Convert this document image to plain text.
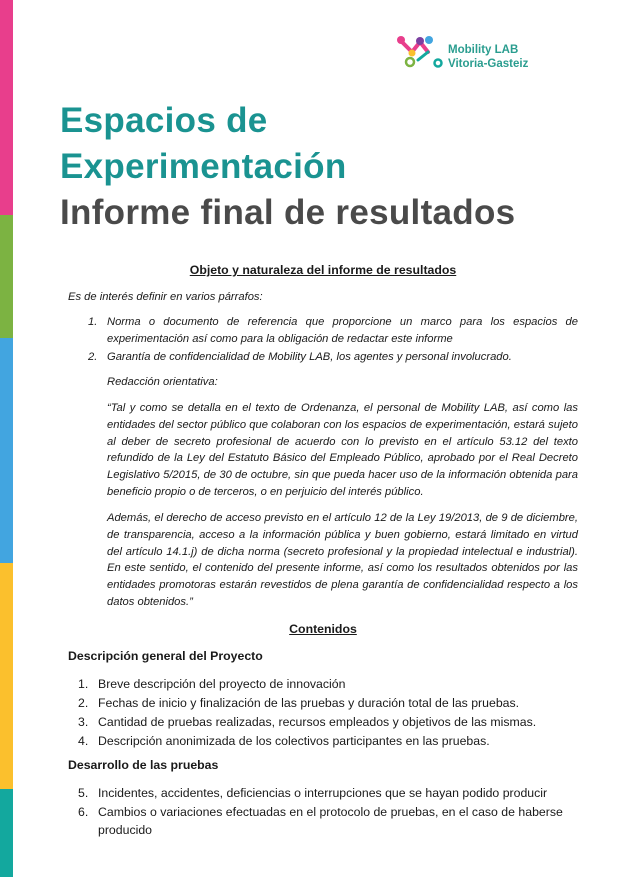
Mobility LAB
Vitoria-Gasteiz
Espacios de
Experimentación
Informe final de resultados
Objeto y naturaleza del informe de resultados
Es de interés definir en varios párrafos:
1. Norma o documento de referencia que proporcione un marco para los espacios de experimentación así como para la obligación de redactar este informe
2. Garantía de confidencialidad de Mobility LAB, los agentes y personal involucrado.
Redacción orientativa:
“Tal y como se detalla en el texto de Ordenanza, el personal de Mobility LAB, así como las entidades del sector público que colaboran con los espacios de experimentación, estará sujeto al deber de secreto profesional de acuerdo con lo previsto en el artículo 53.12 del texto refundido de la Ley del Estatuto Básico del Empleado Público, aprobado por el Real Decreto Legislativo 5/2015, de 30 de octubre, sin que pueda hacer uso de la información obtenida para beneficio propio o de terceros, o en perjuicio del interés público.
Además, el derecho de acceso previsto en el artículo 12 de la Ley 19/2013, de 9 de diciembre, de transparencia, acceso a la información pública y buen gobierno, estará limitado en virtud del artículo 14.1.j) de dicha norma (secreto profesional y la propiedad intelectual e industrial). En este sentido, el contenido del presente informe, así como los resultados obtenidos por las entidades promotoras estarán revestidos de plena garantía de confidencialidad respecto a los datos obtenidos.”
Contenidos
Descripción general del Proyecto
1. Breve descripción del proyecto de innovación
2. Fechas de inicio y finalización de las pruebas y duración total de las pruebas.
3. Cantidad de pruebas realizadas, recursos empleados y objetivos de las mismas.
4. Descripción anonimizada de los colectivos participantes en las pruebas.
Desarrollo de las pruebas
5. Incidentes, accidentes, deficiencias o interrupciones que se hayan podido producir
6. Cambios o variaciones efectuadas en el protocolo de pruebas, en el caso de haberse producido
